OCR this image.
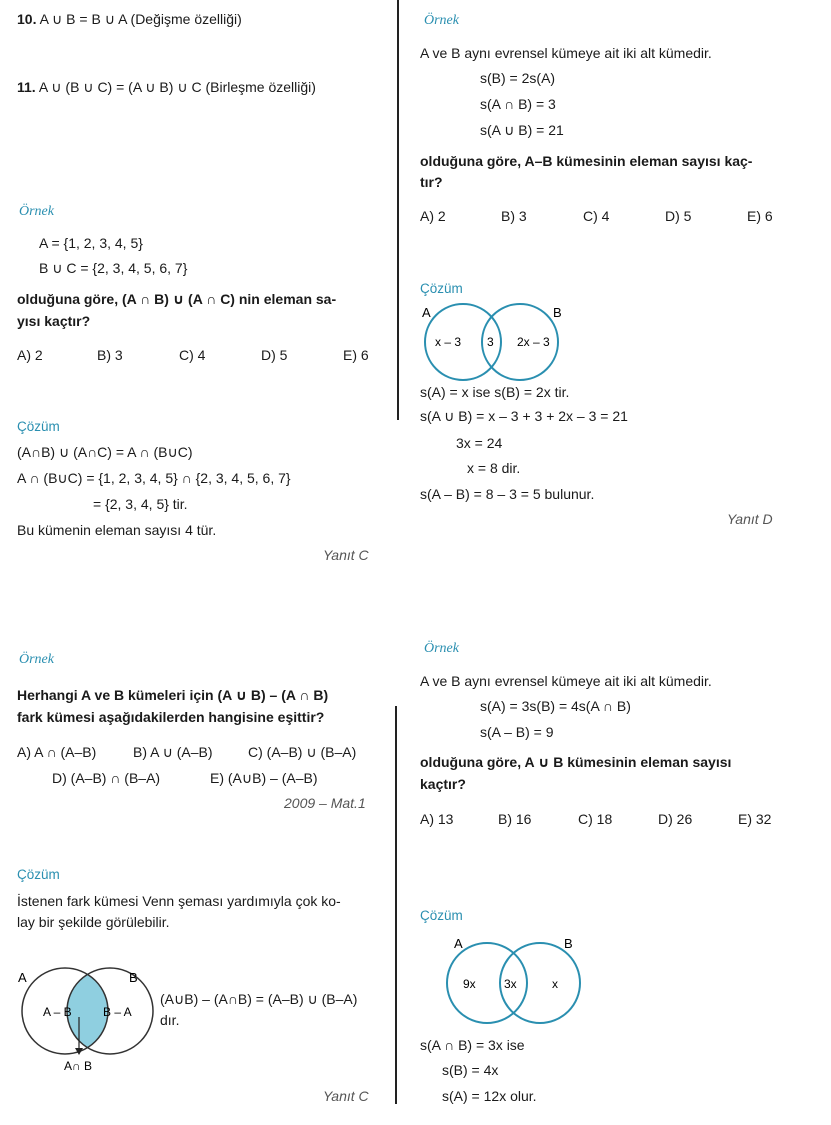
10. A ∪ B = B ∪ A (Değişme özelliği)
11. A ∪ (B ∪ C) = (A ∪ B) ∪ C (Birleşme özelliği)
Örnek
A = {1, 2, 3, 4, 5}
B ∪ C = {2, 3, 4, 5, 6, 7}
olduğuna göre, (A ∩ B) ∪ (A ∩ C) nin eleman sa-
yısı kaçtır?
A) 2	B) 3	C) 4	D) 5	E) 6
Çözüm
(A∩B) ∪ (A∩C) = A ∩ (B∪C)
A ∩ (B∪C) = {1, 2, 3, 4, 5} ∩ {2, 3, 4, 5, 6, 7}
= {2, 3, 4, 5} tir.
Bu kümenin eleman sayısı 4 tür.
Yanıt C
Örnek
Herhangi A ve B kümeleri için (A ∪ B) – (A ∩ B)
fark kümesi aşağıdakilerden hangisine eşittir?
A) A ∩ (A–B)	B) A ∪ (A–B)	C) (A–B) ∪ (B–A)
D) (A–B) ∩ (B–A)	E) (A∪B) – (A–B)
2009 – Mat.1
Çözüm
İstenen fark kümesi Venn şeması yardımıyla çok ko-
lay bir şekilde görülebilir.
A	B
A – B	B – A
A∩ B
(A∪B) – (A∩B) = (A–B) ∪ (B–A)
dır.
Yanıt C
Örnek
A ve B aynı evrensel kümeye ait iki alt kümedir.
s(B) = 2s(A)
s(A ∩ B) = 3
s(A ∪ B) = 21
olduğuna göre, A–B kümesinin eleman sayısı kaç-
tır?
A) 2	B) 3	C) 4	D) 5	E) 6
Çözüm
A	B
x – 3 3 2x – 3
s(A) = x ise s(B) = 2x tir.
s(A ∪ B) = x – 3 + 3 + 2x – 3 = 21
3x = 24
x = 8 dir.
s(A – B) = 8 – 3 = 5 bulunur.
Yanıt D
Örnek
A ve B aynı evrensel kümeye ait iki alt kümedir.
s(A) = 3s(B) = 4s(A ∩ B)
s(A – B) = 9
olduğuna göre, A ∪ B kümesinin eleman sayısı
kaçtır?
A) 13	B) 16	C) 18	D) 26	E) 32
Çözüm
A	B
9x 3x	x
s(A ∩ B) = 3x ise
s(B) = 4x
s(A) = 12x olur.
